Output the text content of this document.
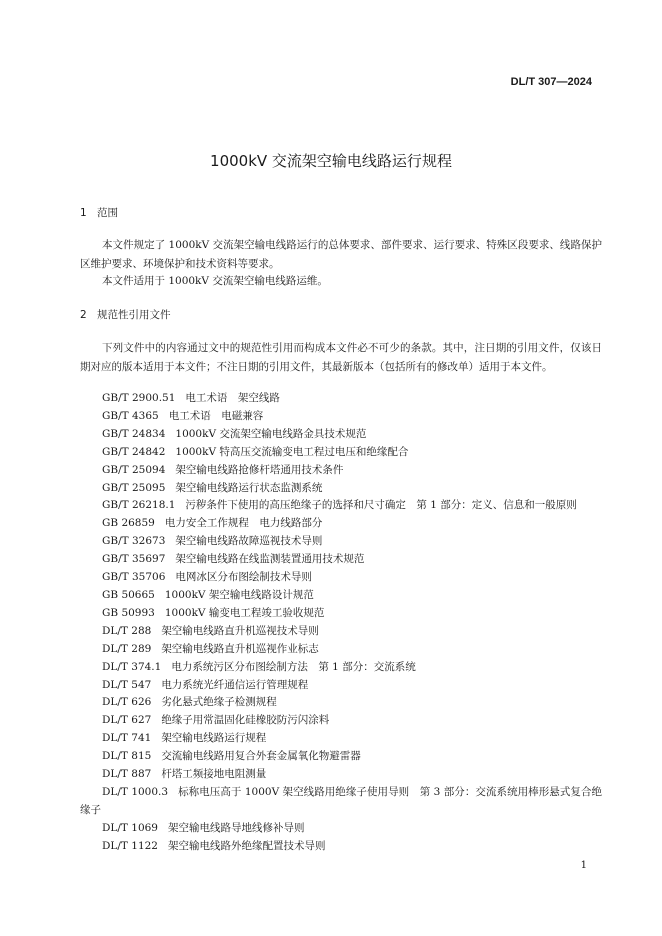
DL/T 307—2024
1000kV 交流架空输电线路运行规程
1 范围

本文件规定了 1000kV 交流架空输电线路运行的总体要求、部件要求、运行要求、特殊区段要求、线路保护区维护要求、环境保护和技术资料等要求。

本文件适用于 1000kV 交流架空输电线路运维。

2 规范性引用文件

下列文件中的内容通过文中的规范性引用而构成本文件必不可少的条款。其中，注日期的引用文件，仅该日期对应的版本适用于本文件；不注日期的引用文件，其最新版本（包括所有的修改单）适用于本文件。

GB/T 2900.51 电工术语　架空线路
GB/T 4365 电工术语　电磁兼容
GB/T 24834 1000kV 交流架空输电线路金具技术规范
GB/T 24842 1000kV 特高压交流输变电工程过电压和绝缘配合
GB/T 25094 架空输电线路抢修杆塔通用技术条件
GB/T 25095 架空输电线路运行状态监测系统
GB/T 26218.1 污秽条件下使用的高压绝缘子的选择和尺寸确定　第 1 部分：定义、信息和一般原则
GB 26859 电力安全工作规程　电力线路部分
GB/T 32673 架空输电线路故障巡视技术导则
GB/T 35697 架空输电线路在线监测装置通用技术规范
GB/T 35706 电网冰区分布图绘制技术导则
GB 50665 1000kV 架空输电线路设计规范
GB 50993 1000kV 输变电工程竣工验收规范
DL/T 288 架空输电线路直升机巡视技术导则
DL/T 289 架空输电线路直升机巡视作业标志
DL/T 374.1 电力系统污区分布图绘制方法　第 1 部分：交流系统
DL/T 547 电力系统光纤通信运行管理规程
DL/T 626 劣化悬式绝缘子检测规程
DL/T 627 绝缘子用常温固化硅橡胶防污闪涂料
DL/T 741 架空输电线路运行规程
DL/T 815 交流输电线路用复合外套金属氧化物避雷器
DL/T 887 杆塔工频接地电阻测量
DL/T 1000.3 标称电压高于 1000V 架空线路用绝缘子使用导则　第 3 部分：交流系统用棒形悬式复合绝缘子
DL/T 1069 架空输电线路导地线修补导则
DL/T 1122 架空输电线路外绝缘配置技术导则
1
